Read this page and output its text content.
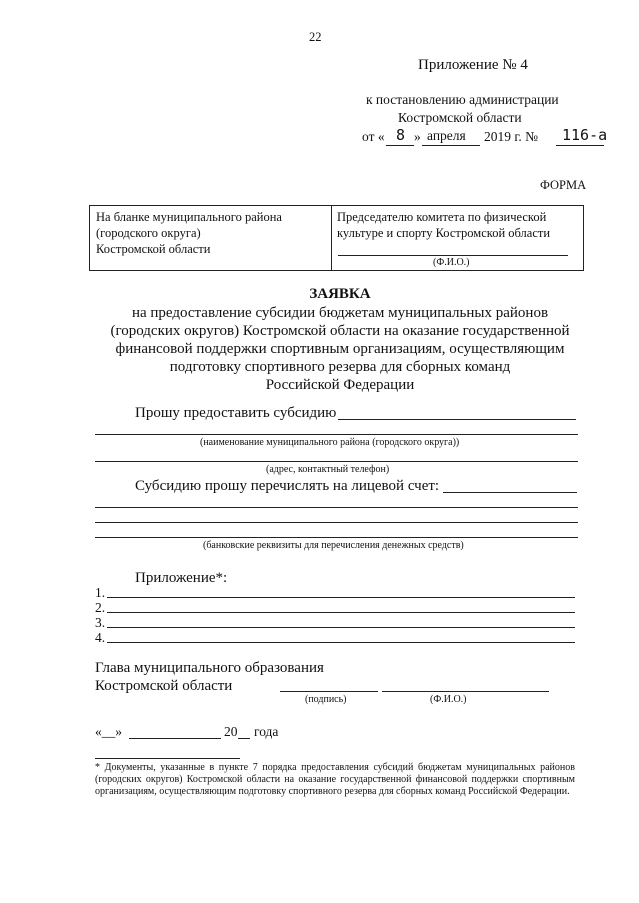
22
Приложение № 4
к постановлению администрации
Костромской области
от « 8 » апреля 2019 г. № 116-а
ФОРМА
На бланке муниципального района
(городского округа)
Костромской области
Председателю комитета по физической
культуре и спорту Костромской области
(Ф.И.О.)
ЗАЯВКА
на предоставление субсидии бюджетам муниципальных районов
(городских округов) Костромской области на оказание государственной
финансовой поддержки спортивным организациям, осуществляющим
подготовку спортивного резерва для сборных команд
Российской Федерации
Прошу предоставить субсидию
(наименование муниципального района (городского округа))
(адрес, контактный телефон)
Субсидию прошу перечислять на лицевой счет:
(банковские реквизиты для перечисления денежных средств)
Приложение*:
1.
2.
3.
4.
Глава муниципального образования
Костромской области
(подпись)	(Ф.И.О.)
«__»	20 года
* Документы, указанные в пункте 7 порядка предоставления субсидий бюджетам муниципальных районов (городских округов) Костромской области на оказание государственной финансовой поддержки спортивным организациям, осуществляющим подготовку спортивного резерва для сборных команд Российской Федерации.
